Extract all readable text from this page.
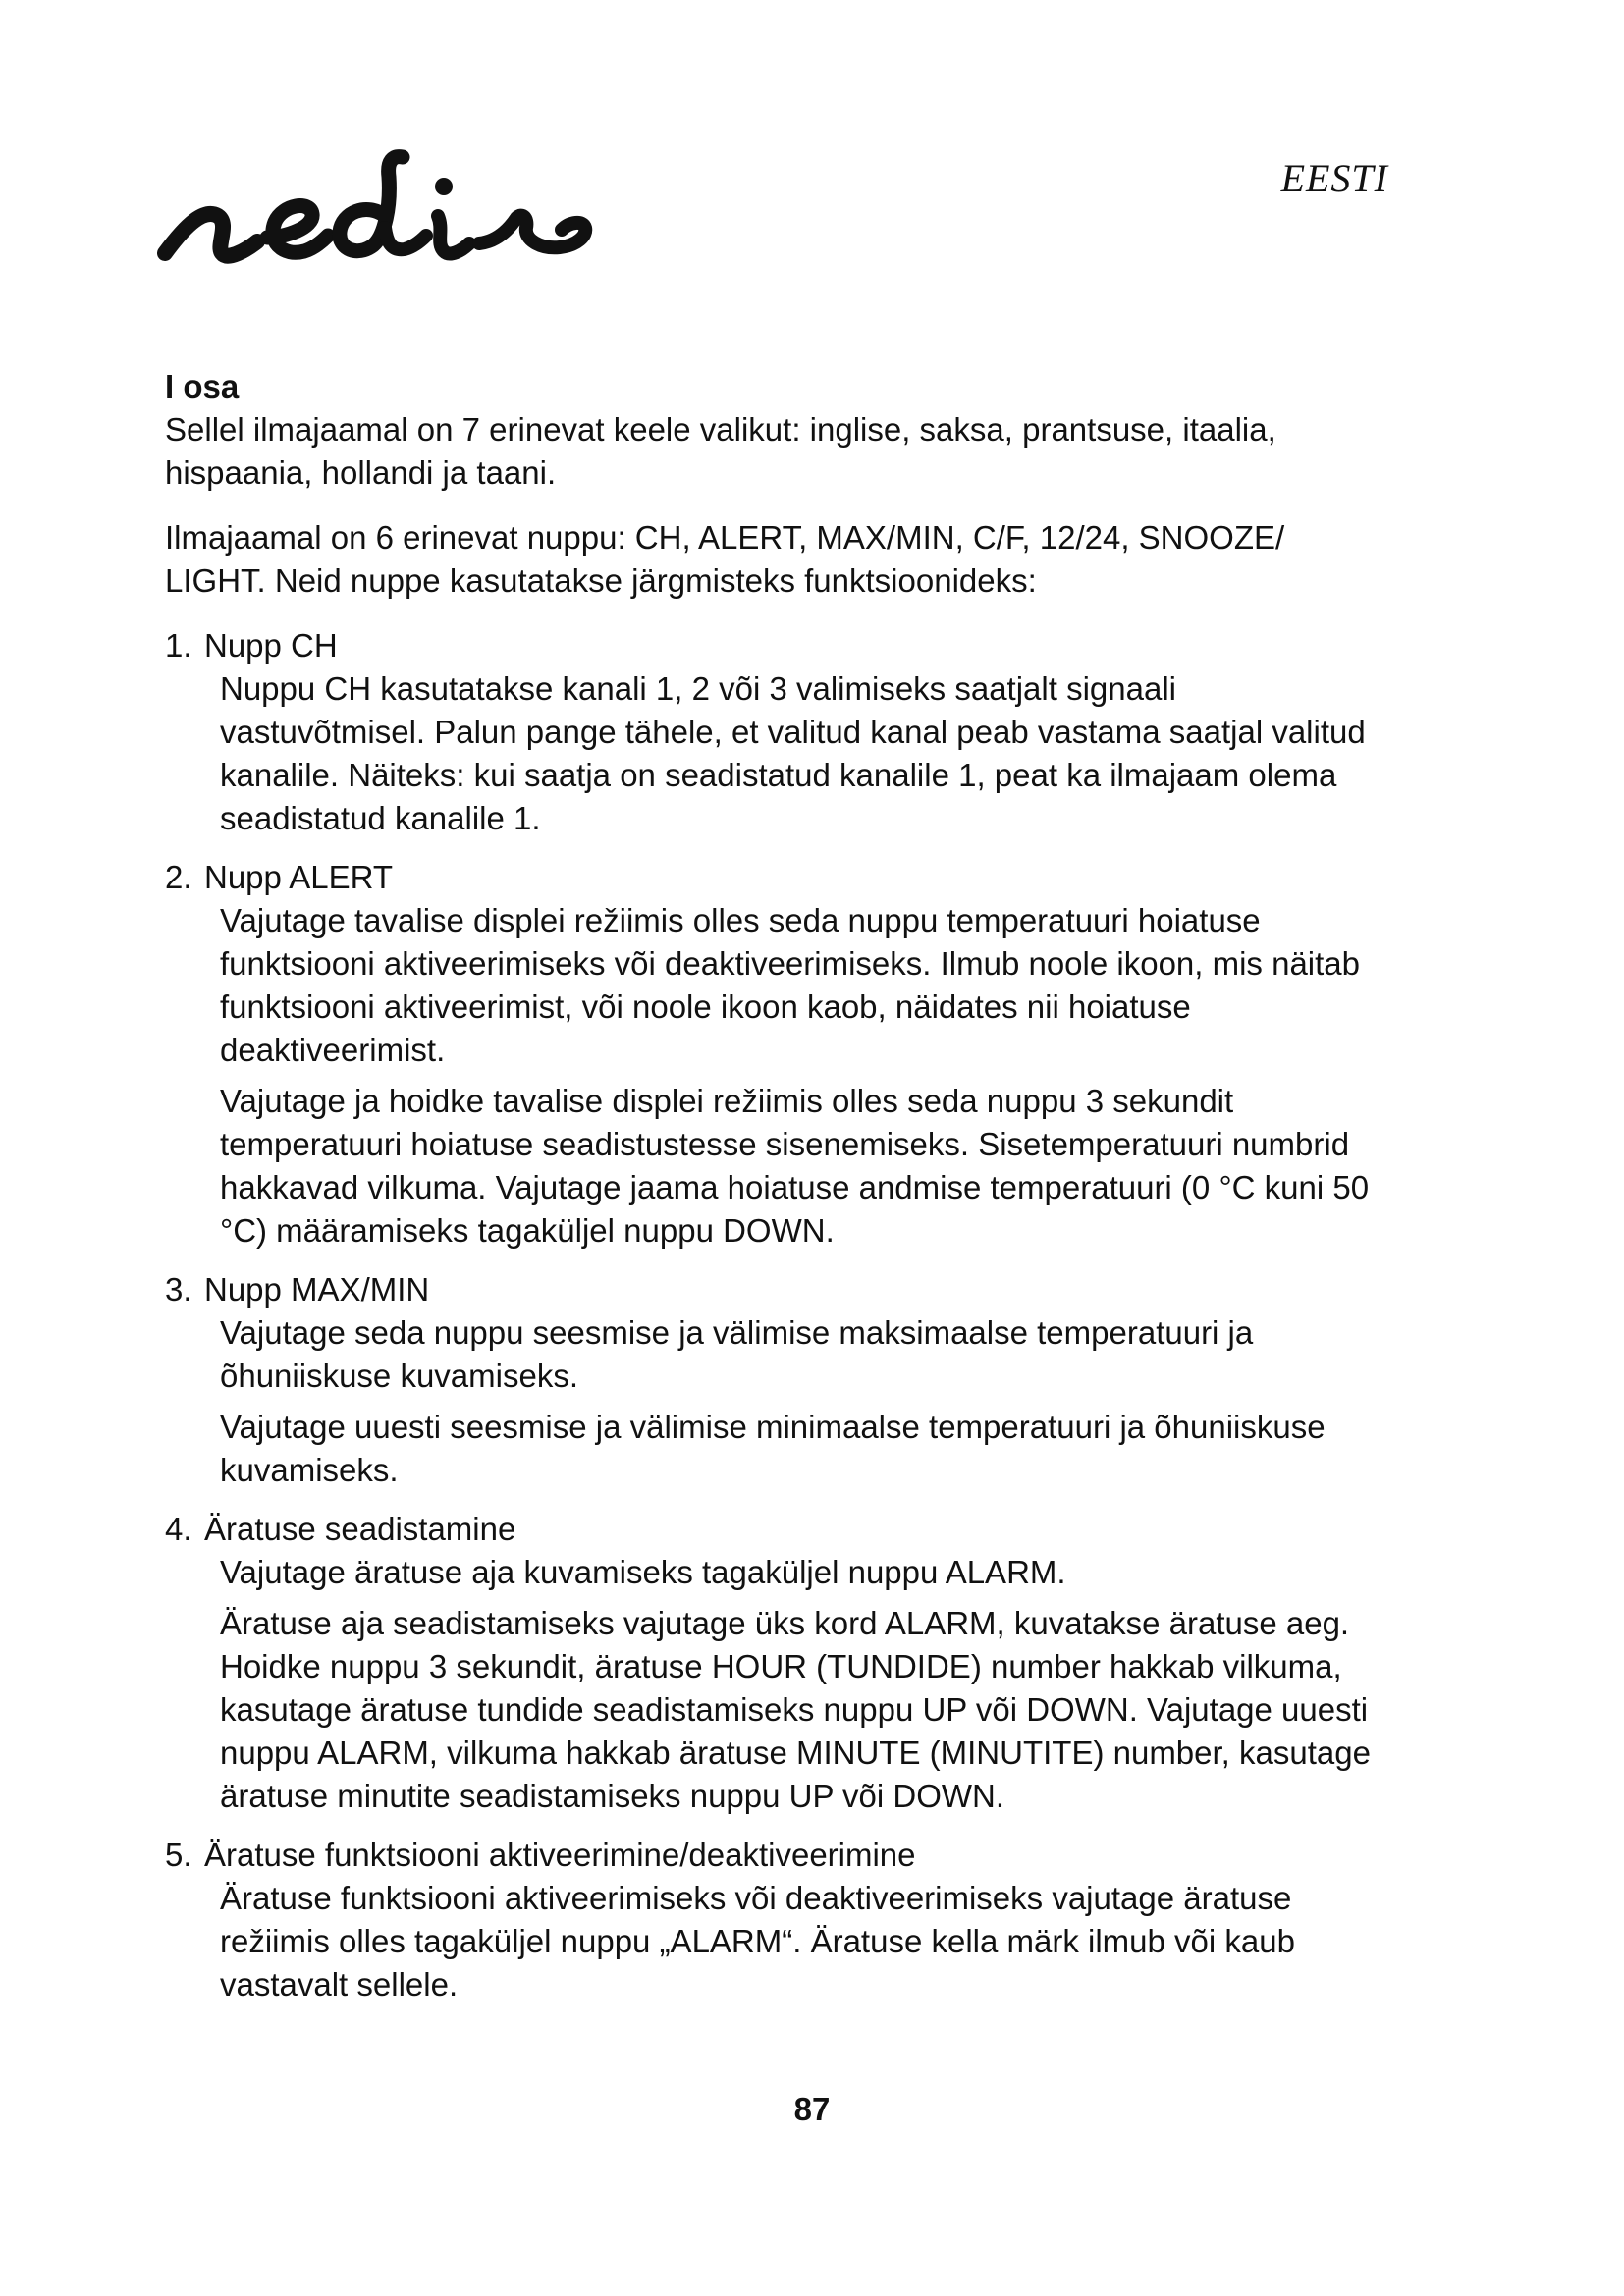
EESTI

I osa

Sellel ilmajaamal on 7 erinevat keele valikut: inglise, saksa, prantsuse, itaalia, hispaania, hollandi ja taani.

Ilmajaamal on 6 erinevat nuppu: CH, ALERT, MAX/MIN, C/F, 12/24, SNOOZE/ LIGHT. Neid nuppe kasutatakse järgmisteks funktsioonideks:

1. Nupp CH

Nuppu CH kasutatakse kanali 1, 2 või 3 valimiseks saatjalt signaali vastuvõtmisel. Palun pange tähele, et valitud kanal peab vastama saatjal valitud kanalile. Näiteks: kui saatja on seadistatud kanalile 1, peat ka ilmajaam olema seadistatud kanalile 1.

2. Nupp ALERT

Vajutage tavalise displei režiimis olles seda nuppu temperatuuri hoiatuse funktsiooni aktiveerimiseks või deaktiveerimiseks. Ilmub noole ikoon, mis näitab funktsiooni aktiveerimist, või noole ikoon kaob, näidates nii hoiatuse deaktiveerimist.

Vajutage ja hoidke tavalise displei režiimis olles seda nuppu 3 sekundit temperatuuri hoiatuse seadistustesse sisenemiseks. Sisetemperatuuri numbrid hakkavad vilkuma. Vajutage jaama hoiatuse andmise temperatuuri (0 °C kuni 50 °C) määramiseks tagaküljel nuppu DOWN.

3. Nupp MAX/MIN

Vajutage seda nuppu seesmise ja välimise maksimaalse temperatuuri ja õhuniiskuse kuvamiseks.

Vajutage uuesti seesmise ja välimise minimaalse temperatuuri ja õhuniiskuse kuvamiseks.

4. Äratuse seadistamine

Vajutage äratuse aja kuvamiseks tagaküljel nuppu ALARM.

Äratuse aja seadistamiseks vajutage üks kord ALARM, kuvatakse äratuse aeg. Hoidke nuppu 3 sekundit, äratuse HOUR (TUNDIDE) number hakkab vilkuma, kasutage äratuse tundide seadistamiseks nuppu UP või DOWN. Vajutage uuesti nuppu ALARM, vilkuma hakkab äratuse MINUTE (MINUTITE) number, kasutage äratuse minutite seadistamiseks nuppu UP või DOWN.

5. Äratuse funktsiooni aktiveerimine/deaktiveerimine

Äratuse funktsiooni aktiveerimiseks või deaktiveerimiseks vajutage äratuse režiimis olles tagaküljel nuppu „ALARM“. Äratuse kella märk ilmub või kaub vastavalt sellele.

87
